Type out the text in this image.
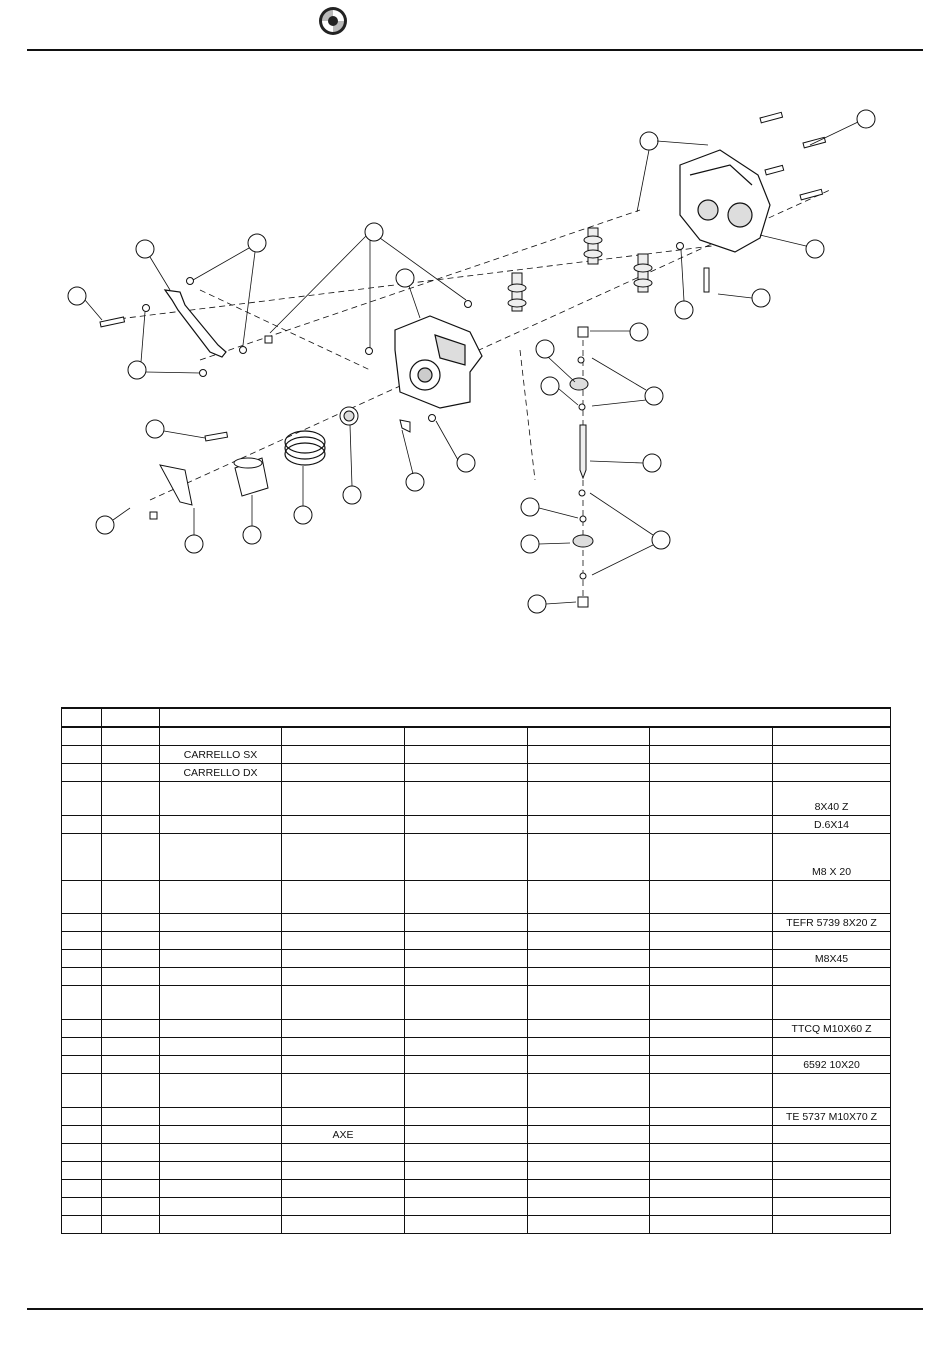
		CARRELLO SX					
		CARRELLO DX					
							8X40 Z
							D.6X14
							M8 X 20

							TEFR 5739 8X20 Z

							M8X45

							TTCQ M10X60 Z

							6592 10X20

							TE 5737 M10X70 Z
			AXE				
